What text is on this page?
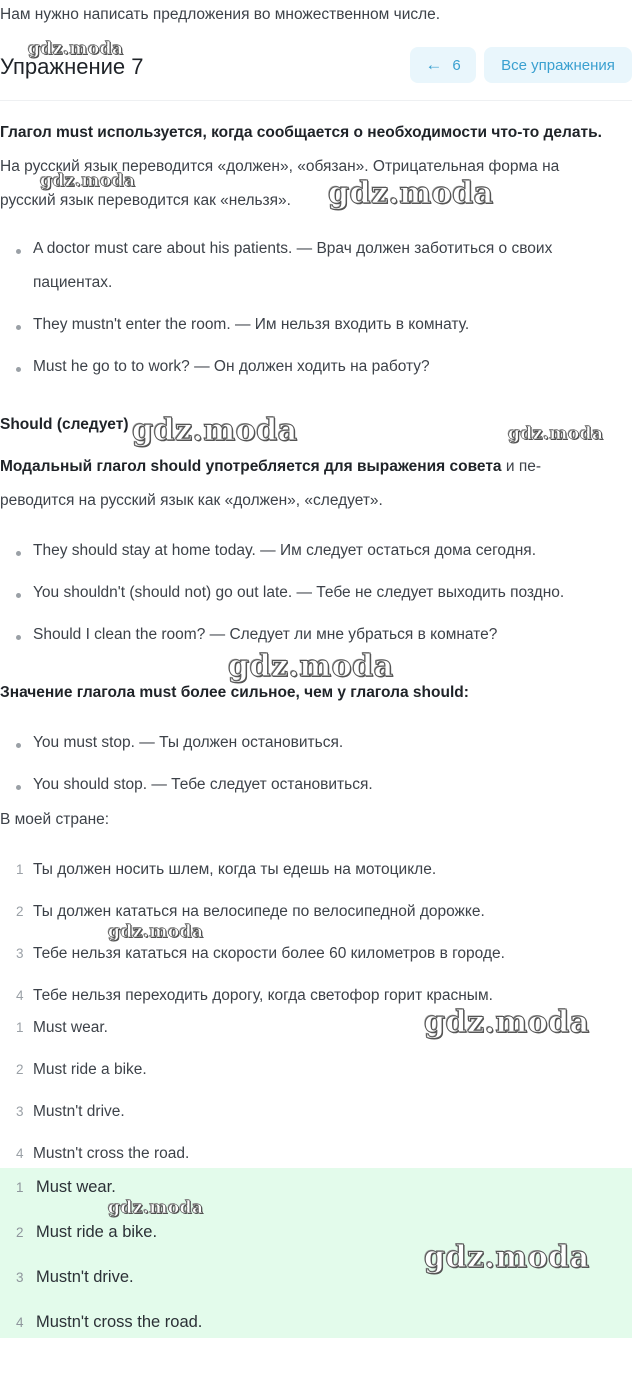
Нам нужно написать предложения во множественном числе.
Упражнение 7	← 6	Все упражнения
Глагол must используется, когда сообщается о необходимости что-то делать.
На русский язык переводится «должен», «обязан». Отрицательная форма на
русский язык переводится как «нельзя».
A doctor must care about his patients. — Врач должен заботиться о своих
пациентах.
They mustn't enter the room. — Им нельзя входить в комнату.
Must he go to to work? — Он должен ходить на работу?
Should (следует)
Модальный глагол should употребляется для выражения совета и пе-
реводится на русский язык как «должен», «следует».
They should stay at home today. — Им следует остаться дома сегодня.
You shouldn't (should not) go out late. — Тебе не следует выходить поздно.
Should I clean the room? — Следует ли мне убраться в комнате?
Значение глагола must более сильное, чем у глагола should:
You must stop. — Ты должен остановиться.
You should stop. — Тебе следует остановиться.
В моей стране:
1 Ты должен носить шлем, когда ты едешь на мотоцикле.
2 Ты должен кататься на велосипеде по велосипедной дорожке.
3 Тебе нельзя кататься на скорости более 60 километров в городе.
4 Тебе нельзя переходить дорогу, когда светофор горит красным.
1 Must wear.
2 Must ride a bike.
3 Mustn't drive.
4 Mustn't cross the road.
1 Must wear.
2 Must ride a bike.
3 Mustn't drive.
4 Mustn't cross the road.
gdz.moda
gdz.moda	gdz.moda
gdz.moda	gdz.moda
gdz.moda
gdz.moda
gdz.moda
gdz.moda
gdz.moda
